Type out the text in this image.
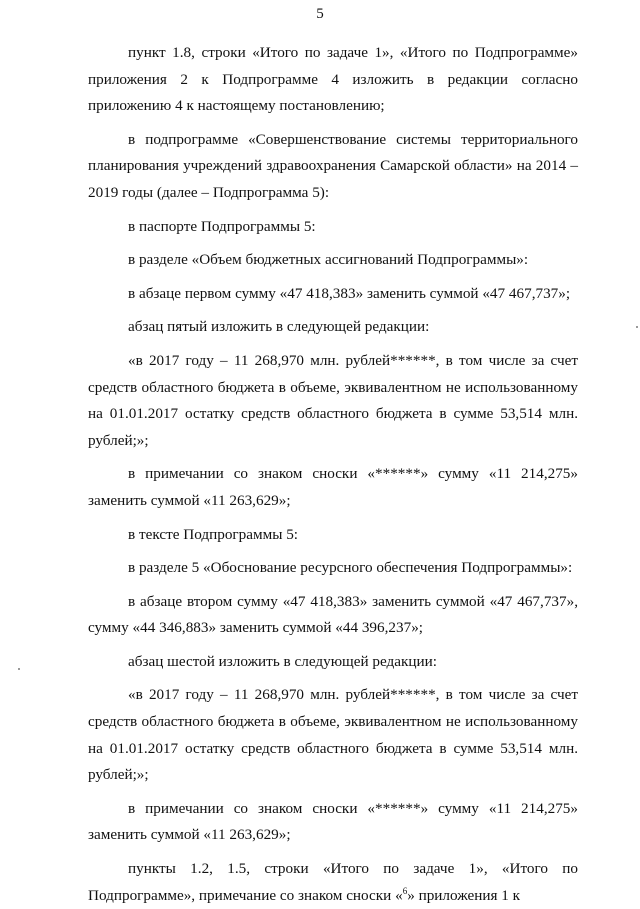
5

пункт 1.8, строки «Итого по задаче 1», «Итого по Подпрограмме» приложения 2 к Подпрограмме 4 изложить в редакции согласно приложению 4 к настоящему постановлению;

в подпрограмме «Совершенствование системы территориального планирования учреждений здравоохранения Самарской области» на 2014 – 2019 годы (далее – Подпрограмма 5):

в паспорте Подпрограммы 5:

в разделе «Объем бюджетных ассигнований Подпрограммы»:

в абзаце первом сумму «47 418,383» заменить суммой «47 467,737»;

абзац пятый изложить в следующей редакции:

«в 2017 году – 11 268,970 млн. рублей******, в том числе за счет средств областного бюджета в объеме, эквивалентном не использованному на 01.01.2017 остатку средств областного бюджета в сумме 53,514 млн. рублей;»;

в примечании со знаком сноски «******» сумму «11 214,275» заменить суммой «11 263,629»;

в тексте Подпрограммы 5:

в разделе 5 «Обоснование ресурсного обеспечения Подпрограммы»:

в абзаце втором сумму «47 418,383» заменить суммой «47 467,737», сумму «44 346,883» заменить суммой «44 396,237»;

абзац шестой изложить в следующей редакции:

«в 2017 году – 11 268,970 млн. рублей******, в том числе за счет средств областного бюджета в объеме, эквивалентном не использованному на 01.01.2017 остатку средств областного бюджета в сумме 53,514 млн. рублей;»;

в примечании со знаком сноски «******» сумму «11 214,275» заменить суммой «11 263,629»;

пункты 1.2, 1.5, строки «Итого по задаче 1», «Итого по Подпрограмме», примечание со знаком сноски «$^6$» приложения 1 к
